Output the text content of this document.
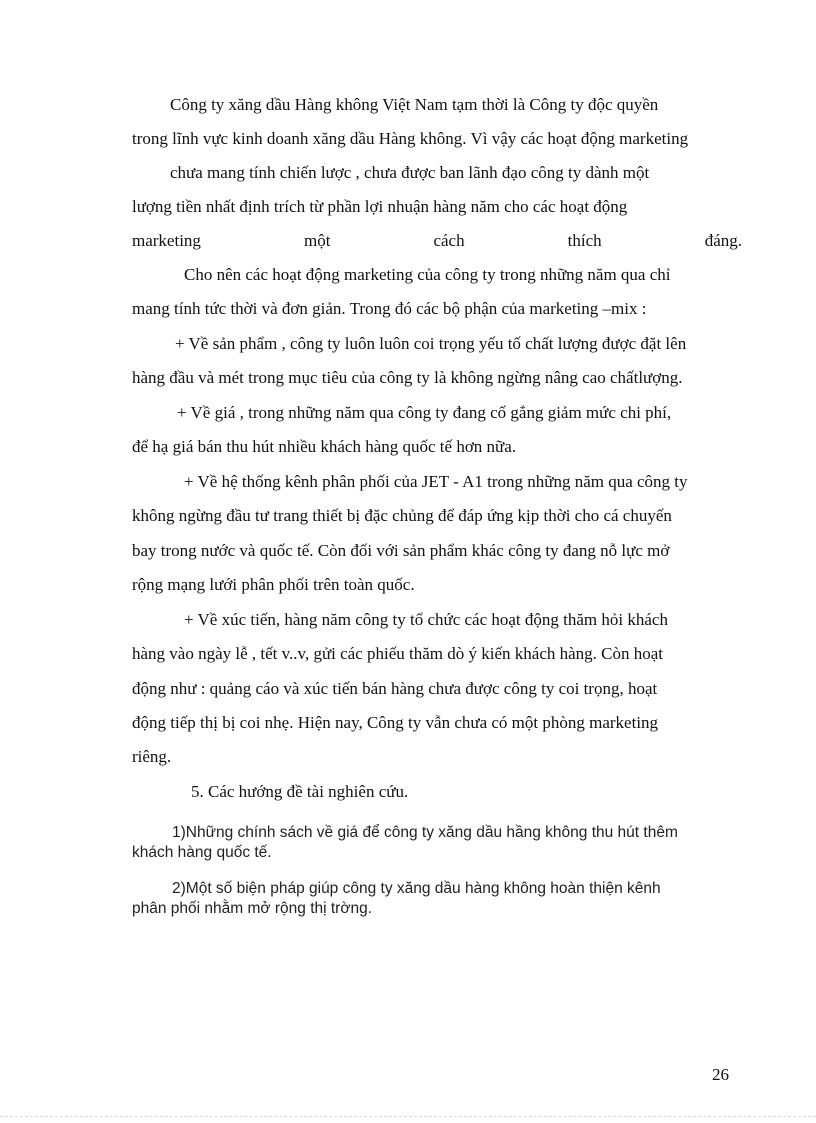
Công ty xăng dầu Hàng không Việt Nam tạm thời là Công ty độc quyền

trong lĩnh vực kinh doanh xăng dầu Hàng không. Vì vậy các hoạt động marketing

chưa mang tính chiến lược , chưa được ban lãnh đạo công ty dành một

lượng tiền nhất định trích từ phần lợi nhuận hàng năm cho các hoạt động

marketing	một	cách	thích	đáng.

Cho nên các hoạt động marketing của công ty trong những năm qua chỉ

mang tính tức thời và đơn giản. Trong đó các bộ phận của marketing –mix :

+ Về sản phẩm , công ty luôn luôn coi trọng yếu tố chất lượng được đặt lên

hàng đầu và mét trong mục tiêu của công ty là không ngừng nâng cao chấtlượng.

+ Về giá , trong những năm qua công ty đang cố gắng giảm mức chi phí,

để hạ giá bán thu hút nhiều khách hàng quốc tế hơn nữa.

+ Về hệ thống kênh phân phối của JET - A1 trong những năm qua công ty

không ngừng đầu tư trang thiết bị đặc chủng để đáp ứng kịp thời cho cá chuyến

bay trong nước và quốc tế. Còn đối với sản phẩm khác công ty đang nỗ lực mở

rộng mạng lưới phân phối trên toàn quốc.

+ Về xúc tiến, hàng năm công ty tổ chức các hoạt động thăm hỏi khách

hàng vào ngày lễ , tết v..v, gửi các phiếu thăm dò ý kiến khách hàng. Còn hoạt

động như : quảng cáo và xúc tiến bán hàng chưa được công ty coi trọng, hoạt

động tiếp thị bị coi nhẹ. Hiện nay, Công ty vẫn chưa có một phòng marketing

riêng.

5. Các hướng đề tài nghiên cứu.

1)Những chính sách về giá để công ty xăng dầu hầng không thu hút thêm

khách hàng quốc tế.

2)Một số biện pháp giúp công ty xăng dầu hàng không hoàn thiện kênh

phân phối nhằm mở rộng thị trờng.

26
